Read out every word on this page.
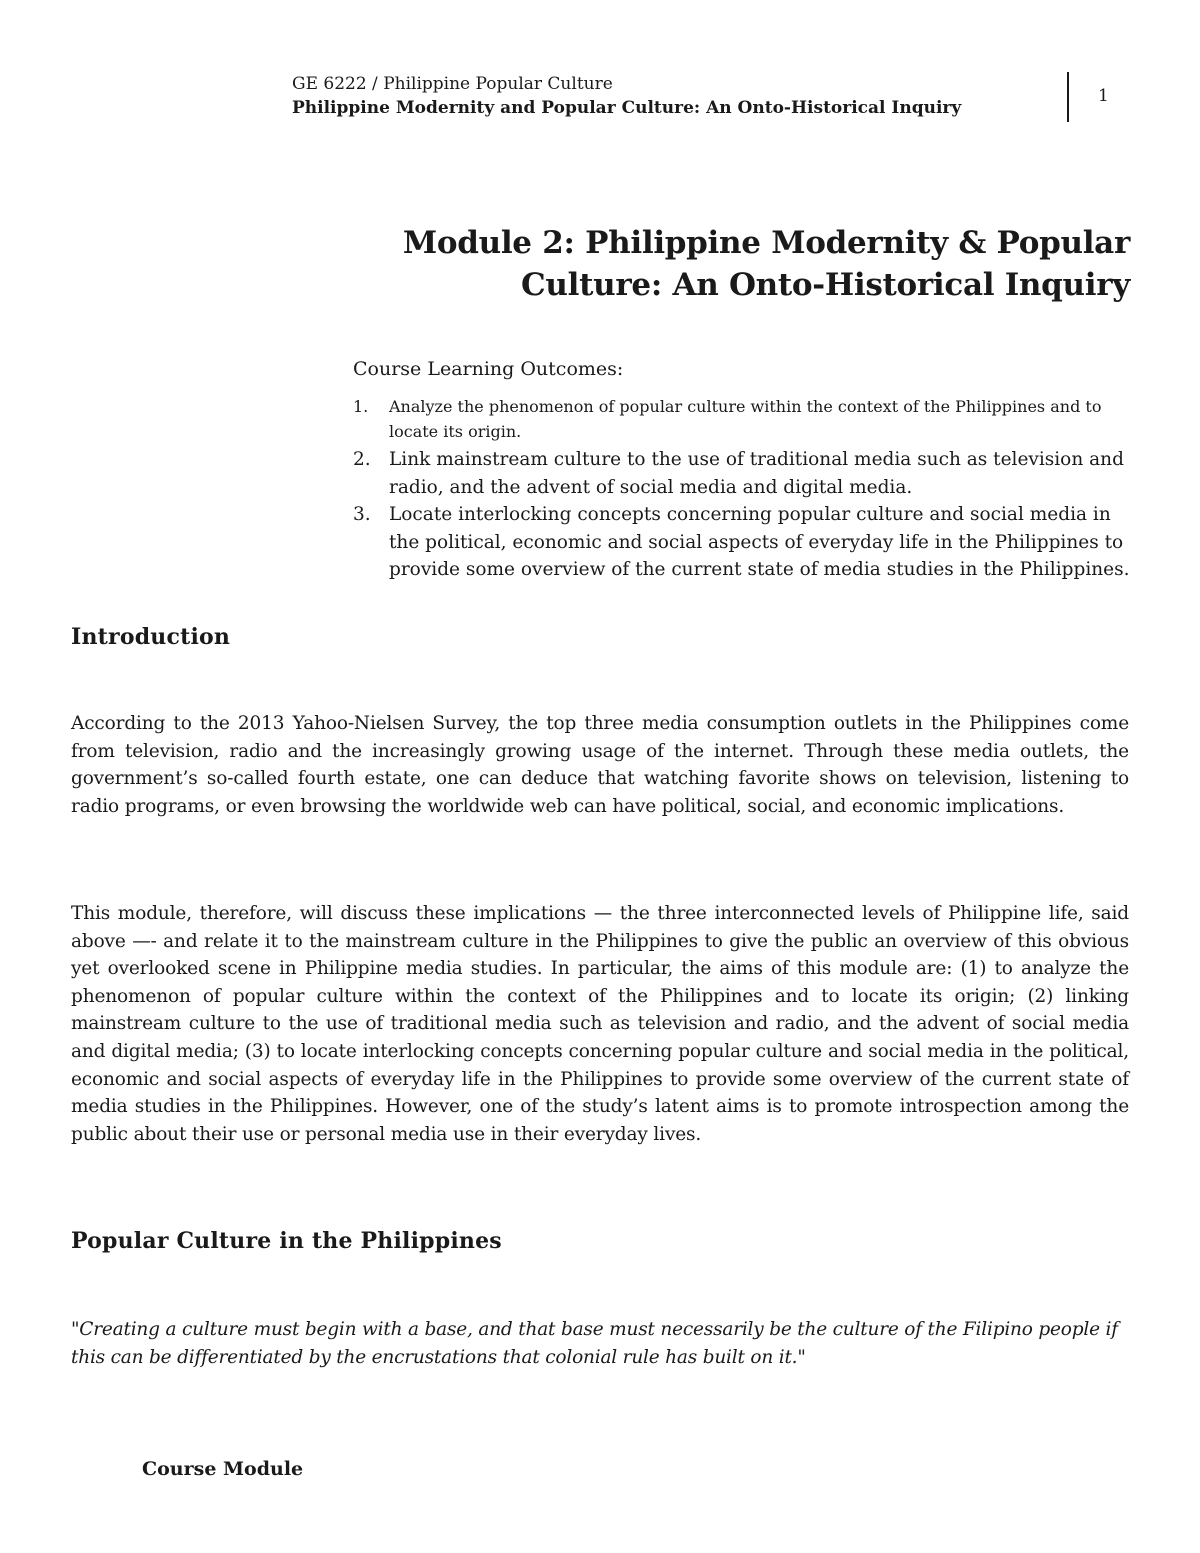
GE 6222 / Philippine Popular Culture
Philippine Modernity and Popular Culture: An Onto-Historical Inquiry
1
Module 2: Philippine Modernity & Popular
Culture: An Onto-Historical Inquiry
Course Learning Outcomes:
1. Analyze the phenomenon of popular culture within the context of the Philippines and to locate its origin.
2. Link mainstream culture to the use of traditional media such as television and radio, and the advent of social media and digital media.
3. Locate interlocking concepts concerning popular culture and social media in the political, economic and social aspects of everyday life in the Philippines to provide some overview of the current state of media studies in the Philippines.
Introduction

According to the 2013 Yahoo-Nielsen Survey, the top three media consumption outlets in the Philippines come from television, radio and the increasingly growing usage of the internet. Through these media outlets, the government’s so-called fourth estate, one can deduce that watching favorite shows on television, listening to radio programs, or even browsing the worldwide web can have political, social, and economic implications.

This module, therefore, will discuss these implications — the three interconnected levels of Philippine life, said above —- and relate it to the mainstream culture in the Philippines to give the public an overview of this obvious yet overlooked scene in Philippine media studies. In particular, the aims of this module are: (1) to analyze the phenomenon of popular culture within the context of the Philippines and to locate its origin; (2) linking mainstream culture to the use of traditional media such as television and radio, and the advent of social media and digital media; (3) to locate interlocking concepts concerning popular culture and social media in the political, economic and social aspects of everyday life in the Philippines to provide some overview of the current state of media studies in the Philippines. However, one of the study’s latent aims is to promote introspection among the public about their use or personal media use in their everyday lives.

Popular Culture in the Philippines

"Creating a culture must begin with a base, and that base must necessarily be the culture of the Filipino people if this can be differentiated by the encrustations that colonial rule has built on it."

Course Module
